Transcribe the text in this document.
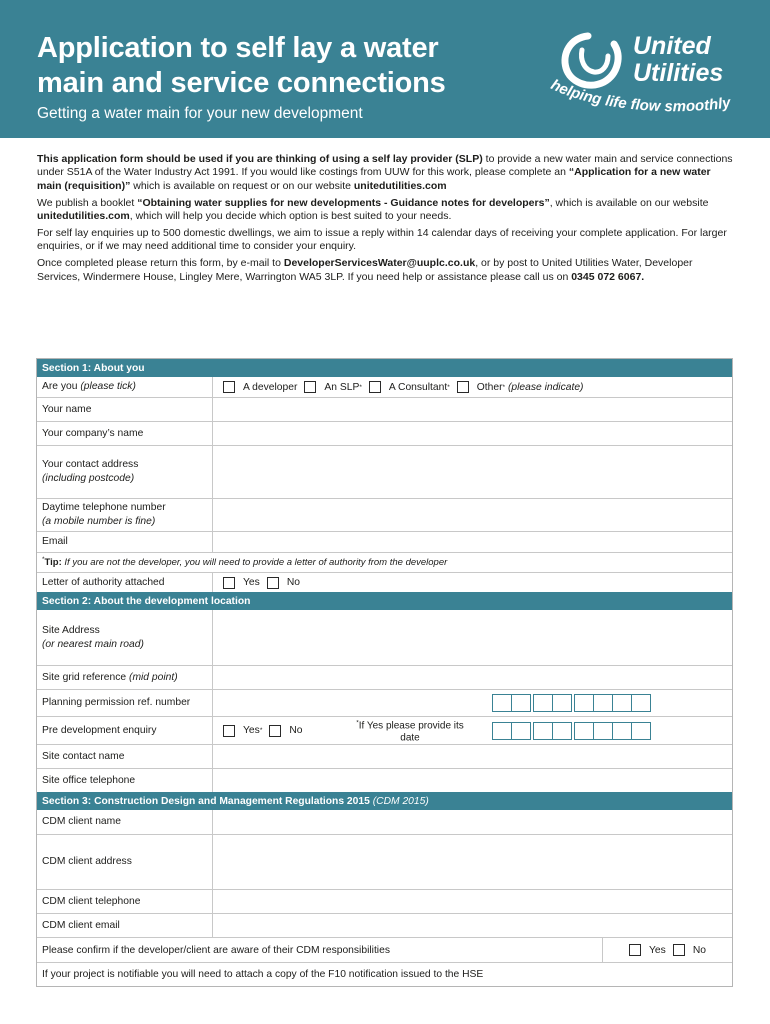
Application to self lay a water main and service connections
Getting a water main for your new development
helping life flow smoothly
United
Utilities

This application form should be used if you are thinking of using a self lay provider (SLP) to provide a new water main and service connections under S51A of the Water Industry Act 1991. If you would like costings from UUW for this work, please complete an “Application for a new water main (requisition)” which is available on request or on our website unitedutilities.com

We publish a booklet “Obtaining water supplies for new developments - Guidance notes for developers”, which is available on our website unitedutilities.com, which will help you decide which option is best suited to your needs.

For self lay enquiries up to 500 domestic dwellings, we aim to issue a reply within 14 calendar days of receiving your complete application. For larger enquiries, or if we may need additional time to consider your enquiry.

Once completed please return this form, by e-mail to DeveloperServicesWater@uuplc.co.uk, or by post to United Utilities Water, Developer Services, Windermere House, Lingley Mere, Warrington WA5 3LP. If you need help or assistance please call us on 0345 072 6067.

Section 1: About you
Are you (please tick)	A developer	An SLP *	A Consultant *	Other *
(please indicate)
Your name
Your company’s name
Your contact address
(including postcode)
Daytime telephone number
(a mobile number is fine)
Email
*Tip: If you are not the developer, you will need to provide a letter of authority from the developer
Letter of authority attached	Yes	No
Section 2: About the development location
Site Address
(or nearest main road)
Site grid reference (mid point)
Planning permission ref. number
Pre development enquiry	Yes *	No
*If Yes please provide its date
Site contact name
Site office telephone
Section 3: Construction Design and Management Regulations 2015
(CDM 2015)
CDM client name
CDM client address
CDM client telephone
CDM client email
Please confirm if the developer/client are aware of their CDM responsibilities	Yes	No
If your project is notifiable you will need to attach a copy of the F10 notification issued to the HSE
